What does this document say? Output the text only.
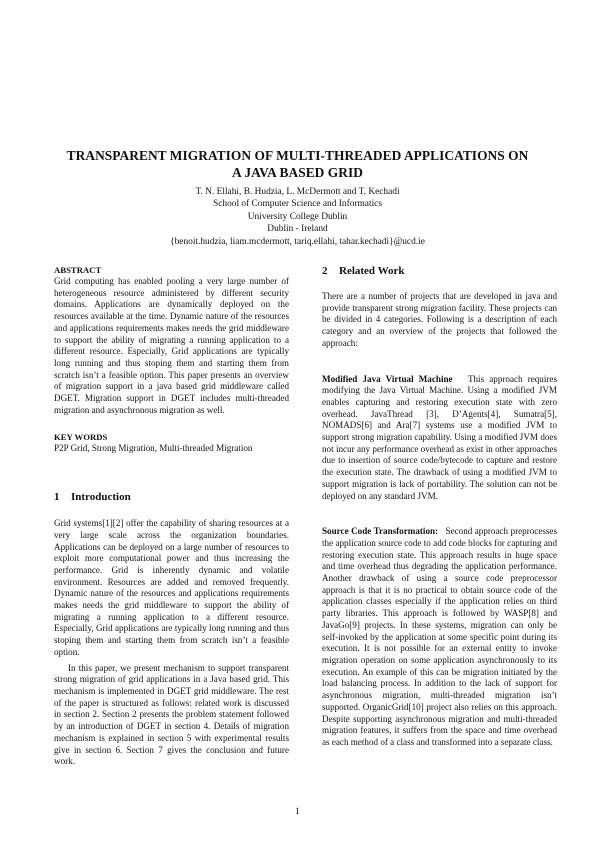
TRANSPARENT MIGRATION OF MULTI-THREADED APPLICATIONS ON
A JAVA BASED GRID
T. N. Ellahi, B. Hudzia, L. McDermott and T. Kechadi
School of Computer Science and Informatics
University College Dublin
Dublin - Ireland
{benoit.hudzia, liam.mcdermott, tariq.ellahi, tahar.kechadi}@ucd.ie
ABSTRACT

Grid computing has enabled pooling a very large number of heterogeneous resource administered by different security domains. Applications are dynamically deployed on the resources available at the time. Dynamic nature of the resources and applications requirements makes needs the grid middleware to support the ability of migrating a running application to a different resource. Especially, Grid applications are typically long running and thus stoping them and starting them from scratch isn’t a feasible option. This paper presents an overview of migration support in a java based grid middleware called DGET. Migration support in DGET includes multi-threaded migration and asynchronous migration as well.

KEY WORDS

P2P Grid, Strong Migration, Multi-threaded Migration

1 Introduction

Grid systems[1][2] offer the capability of sharing resources at a very large scale across the organization boundaries. Applications can be deployed on a large number of resources to exploit more computational power and thus increasing the performance. Grid is inherently dynamic and volatile environment. Resources are added and removed frequently. Dynamic nature of the resources and applications requirements makes needs the grid middleware to support the ability of migrating a running application to a different resource. Especially, Grid applications are typically long running and thus stoping them and starting them from scratch isn’t a feasible option.

In this paper, we present mechanism to support transparent strong migration of grid applications in a Java based grid. This mechanism is implemented in DGET grid middleware. The rest of the paper is structured as follows: related work is discussed in section 2. Section 2 presents the problem statement followed by an introduction of DGET in section 4. Details of migration mechanism is explained in section 5 with experimental results give in section 6. Section 7 gives the conclusion and future work.

2 Related Work

There are a number of projects that are developed in java and provide transparent strong migration facility. These projects can be divided in 4 categories. Following is a description of each category and an overview of the projects that followed the approach:

Modified Java Virtual Machine This approach requires modifying the Java Virtual Machine. Using a modified JVM enables capturing and restoring execution state with zero overhead. JavaThread [3], D’Agents[4], Sumatra[5], NOMADS[6] and Ara[7] systems use a modified JVM to support strong migration capability. Using a modified JVM does not incur any performance overhead as exist in other approaches due to insertion of source code/bytecode to capture and restore the execution state. The drawback of using a modified JVM to support migration is lack of portability. The solution can not be deployed on any standard JVM.

Source Code Transformation: Second approach preprocesses the application source code to add code blocks for capturing and restoring execution state. This approach results in huge space and time overhead thus degrading the application performance. Another drawback of using a source code preprocessor approach is that it is no practical to obtain source code of the application classes especially if the application relies on third party libraries. This approach is followed by WASP[8] and JavaGo[9] projects. In these systems, migration can only be self-invoked by the application at some specific point during its execution. It is not possible for an external entity to invoke migration operation on some application asynchronously to its execution. An example of this can be migration initiated by the load balancing process. In addition to the lack of support for asynchronous migration, multi-threaded migration isn’t supported. OrganicGrid[10] project also relies on this approach. Despite supporting asynchronous migration and multi-threaded migration features, it suffers from the space and time overhead as each method of a class and transformed into a separate class.

1
